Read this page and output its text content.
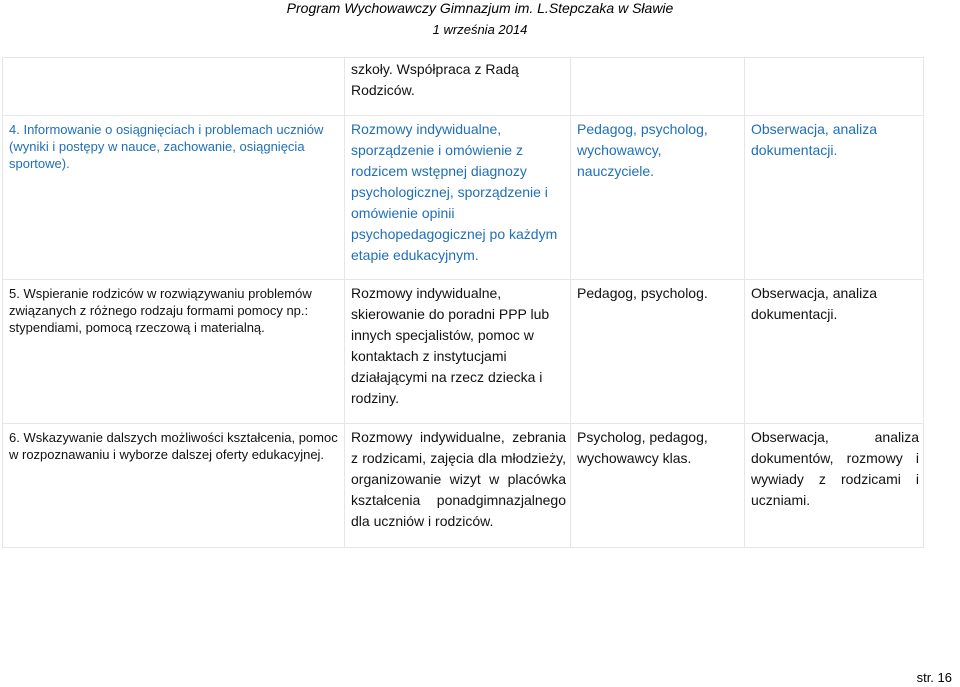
Program Wychowawczy Gimnazjum im. L.Stepczaka w Sławie
1 września 2014
	szkoły. Współpraca z Radą Rodziców.		
4. Informowanie o osiągnięciach i problemach uczniów (wyniki i postępy w nauce, zachowanie, osiągnięcia sportowe).	Rozmowy indywidualne, sporządzenie i omówienie z rodzicem wstępnej diagnozy psychologicznej, sporządzenie i omówienie opinii psychopedagogicznej po każdym etapie edukacyjnym.	Pedagog, psycholog, wychowawcy, nauczyciele.	Obserwacja, analiza dokumentacji.
5. Wspieranie rodziców w rozwiązywaniu problemów związanych z różnego rodzaju formami pomocy np.: stypendiami, pomocą rzeczową i materialną.	Rozmowy indywidualne, skierowanie do poradni PPP lub innych specjalistów, pomoc w kontaktach z instytucjami działającymi na rzecz dziecka i rodziny.	Pedagog, psycholog.	Obserwacja, analiza dokumentacji.
6. Wskazywanie dalszych możliwości kształcenia, pomoc w rozpoznawaniu i wyborze dalszej oferty edukacyjnej.	Rozmowy indywidualne, zebrania z rodzicami, zajęcia dla młodzieży, organizowanie wizyt w placówka kształcenia ponadgimnazjalnego dla uczniów i rodziców.	Psycholog, pedagog, wychowawcy klas.	Obserwacja, analiza dokumentów, rozmowy i wywiady z rodzicami i uczniami.
str. 16
